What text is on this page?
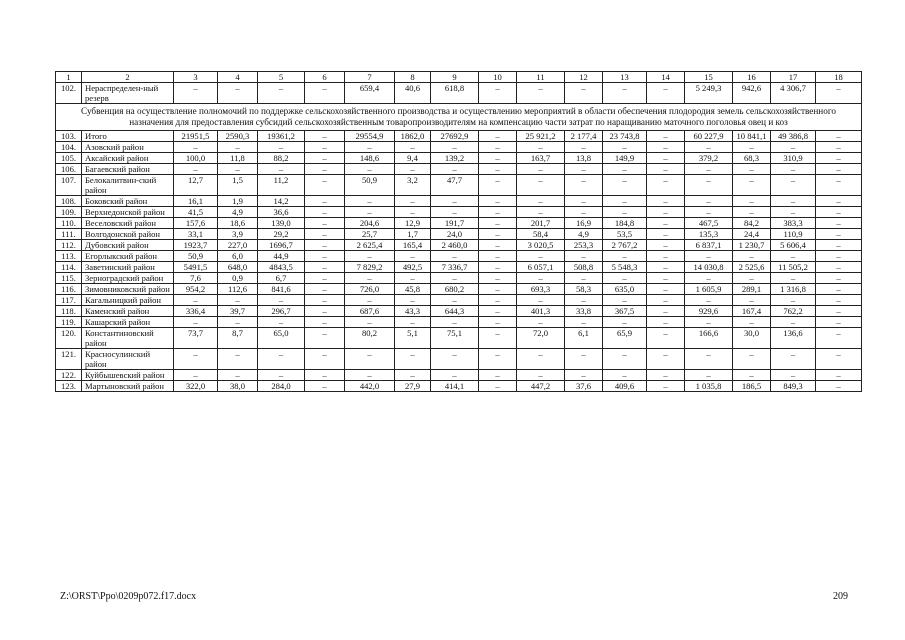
1	2	3	4	5	6	7	8	9	10	11	12	13	14	15	16	17	18
102.	Нераспределен-ный резерв	–	–	–	–	659,4	40,6	618,8	–	–	–	–	–	5 249,3	942,6	4 306,7	–
Субвенция на осуществление полномочий по поддержке сельскохозяйственного производства и осуществлению мероприятий в области обеспечения плодородия земель сельскохозяйственного назначения для предоставления субсидий сельскохозяйственным товаропроизводителям на компенсацию части затрат по наращиванию маточного поголовья овец и коз																	
103.	Итого	21951,5	2590,3	19361,2	–	29554,9	1862,0	27692,9	–	25 921,2	2 177,4	23 743,8	–	60 227,9	10 841,1	49 386,8	–
104.	Азовский район	–	–	–	–	–	–	–	–	–	–	–	–	–	–	–	–
105.	Аксайский район	100,0	11,8	88,2	–	148,6	9,4	139,2	–	163,7	13,8	149,9	–	379,2	68,3	310,9	–
106.	Багаевский район	–	–	–	–	–	–	–	–	–	–	–	–	–	–	–	–
107.	Белокалитвин-ский район	12,7	1,5	11,2	–	50,9	3,2	47,7	–	–	–	–	–	–	–	–	–
108.	Боковский район	16,1	1,9	14,2	–	–	–	–	–	–	–	–	–	–	–	–	–
109.	Верхнедонской район	41,5	4,9	36,6	–	–	–	–	–	–	–	–	–	–	–	–	–
110.	Веселовский район	157,6	18,6	139,0	–	204,6	12,9	191,7	–	201,7	16,9	184,8	–	467,5	84,2	383,3	–
111.	Волгодонской район	33,1	3,9	29,2	–	25,7	1,7	24,0	–	58,4	4,9	53,5	–	135,3	24,4	110,9	–
112.	Дубовский район	1923,7	227,0	1696,7	–	2 625,4	165,4	2 460,0	–	3 020,5	253,3	2 767,2	–	6 837,1	1 230,7	5 606,4	–
113.	Егорлыкский район	50,9	6,0	44,9	–	–	–	–	–	–	–	–	–	–	–	–	–
114.	Заветинский район	5491,5	648,0	4843,5	–	7 829,2	492,5	7 336,7	–	6 057,1	508,8	5 548,3	–	14 030,8	2 525,6	11 505,2	–
115.	Зерноградский район	7,6	0,9	6,7	–	–	–	–	–	–	–	–	–	–	–	–	–
116.	Зимовниковский район	954,2	112,6	841,6	–	726,0	45,8	680,2	–	693,3	58,3	635,0	–	1 605,9	289,1	1 316,8	–
117.	Кагальницкий район	–	–	–	–	–	–	–	–	–	–	–	–	–	–	–	–
118.	Каменский район	336,4	39,7	296,7	–	687,6	43,3	644,3	–	401,3	33,8	367,5	–	929,6	167,4	762,2	–
119.	Кашарский район	–	–	–	–	–	–	–	–	–	–	–	–	–	–	–	–
120.	Константиновский район	73,7	8,7	65,0	–	80,2	5,1	75,1	–	72,0	6,1	65,9	–	166,6	30,0	136,6	–
121.	Красносулинский район	–	–	–	–	–	–	–	–	–	–	–	–	–	–	–	–
122.	Куйбышевский район	–	–	–	–	–	–	–	–	–	–	–	–	–	–	–	–
123.	Мартыновский район	322,0	38,0	284,0	–	442,0	27,9	414,1	–	447,2	37,6	409,6	–	1 035,8	186,5	849,3	–
Z:\ORST\Ppo\0209p072.f17.docx	209
